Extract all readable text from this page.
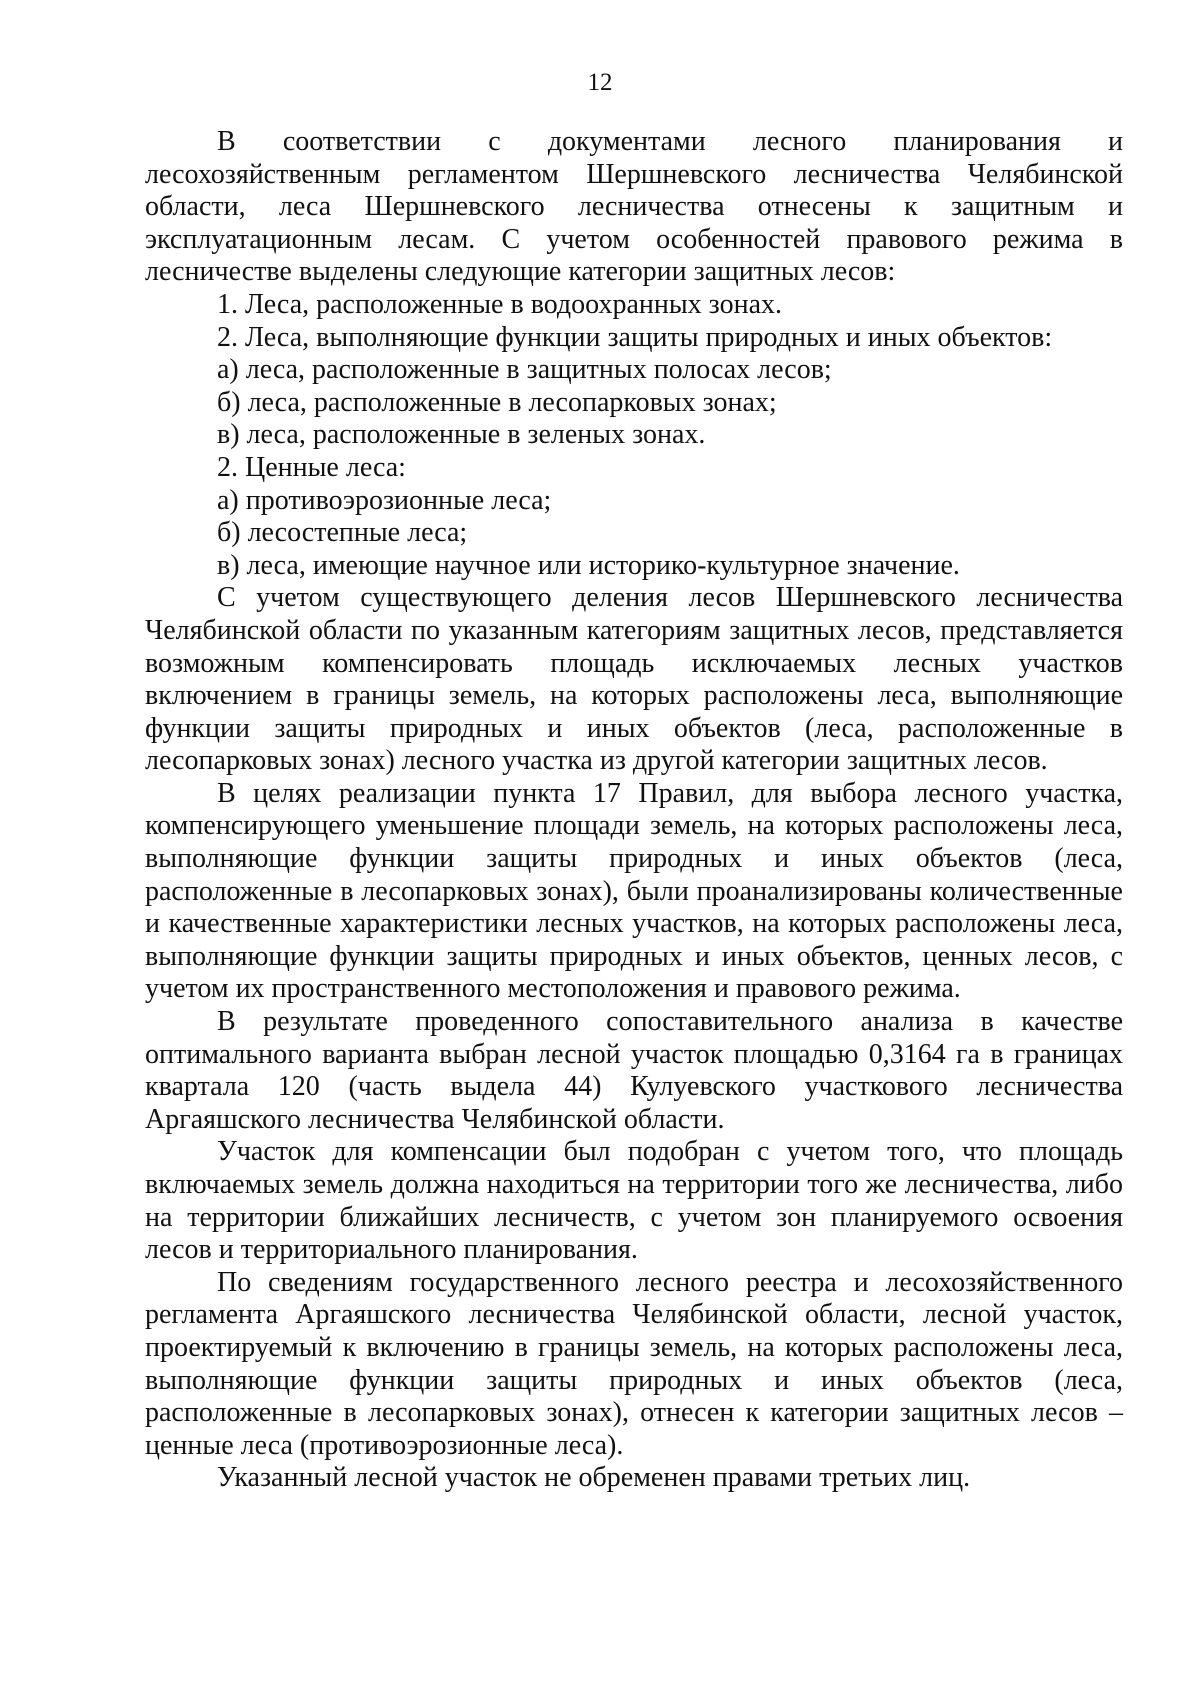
12

В соответствии с документами лесного планирования и лесохозяйственным регламентом Шершневского лесничества Челябинской области, леса Шершневского лесничества отнесены к защитным и эксплуатационным лесам. С учетом особенностей правового режима в лесничестве выделены следующие категории защитных лесов:

1. Леса, расположенные в водоохранных зонах.

2. Леса, выполняющие функции защиты природных и иных объектов:

а) леса, расположенные в защитных полосах лесов;

б) леса, расположенные в лесопарковых зонах;

в) леса, расположенные в зеленых зонах.

2. Ценные леса:

а) противоэрозионные леса;

б) лесостепные леса;

в) леса, имеющие научное или историко-культурное значение.

С учетом существующего деления лесов Шершневского лесничества Челябинской области по указанным категориям защитных лесов, представляется возможным компенсировать площадь исключаемых лесных участков включением в границы земель, на которых расположены леса, выполняющие функции защиты природных и иных объектов (леса, расположенные в лесопарковых зонах) лесного участка из другой категории защитных лесов.

В целях реализации пункта 17 Правил, для выбора лесного участка, компенсирующего уменьшение площади земель, на которых расположены леса, выполняющие функции защиты природных и иных объектов (леса, расположенные в лесопарковых зонах), были проанализированы количественные и качественные характеристики лесных участков, на которых расположены леса, выполняющие функции защиты природных и иных объектов, ценных лесов, с учетом их пространственного местоположения и правового режима.

В результате проведенного сопоставительного анализа в качестве оптимального варианта выбран лесной участок площадью 0,3164 га в границах квартала 120 (часть выдела 44) Кулуевского участкового лесничества Аргаяшского лесничества Челябинской области.

Участок для компенсации был подобран с учетом того, что площадь включаемых земель должна находиться на территории того же лесничества, либо на территории ближайших лесничеств, с учетом зон планируемого освоения лесов и территориального планирования.

По сведениям государственного лесного реестра и лесохозяйственного регламента Аргаяшского лесничества Челябинской области, лесной участок, проектируемый к включению в границы земель, на которых расположены леса, выполняющие функции защиты природных и иных объектов (леса, расположенные в лесопарковых зонах), отнесен к категории защитных лесов – ценные леса (противоэрозионные леса).

Указанный лесной участок не обременен правами третьих лиц.
